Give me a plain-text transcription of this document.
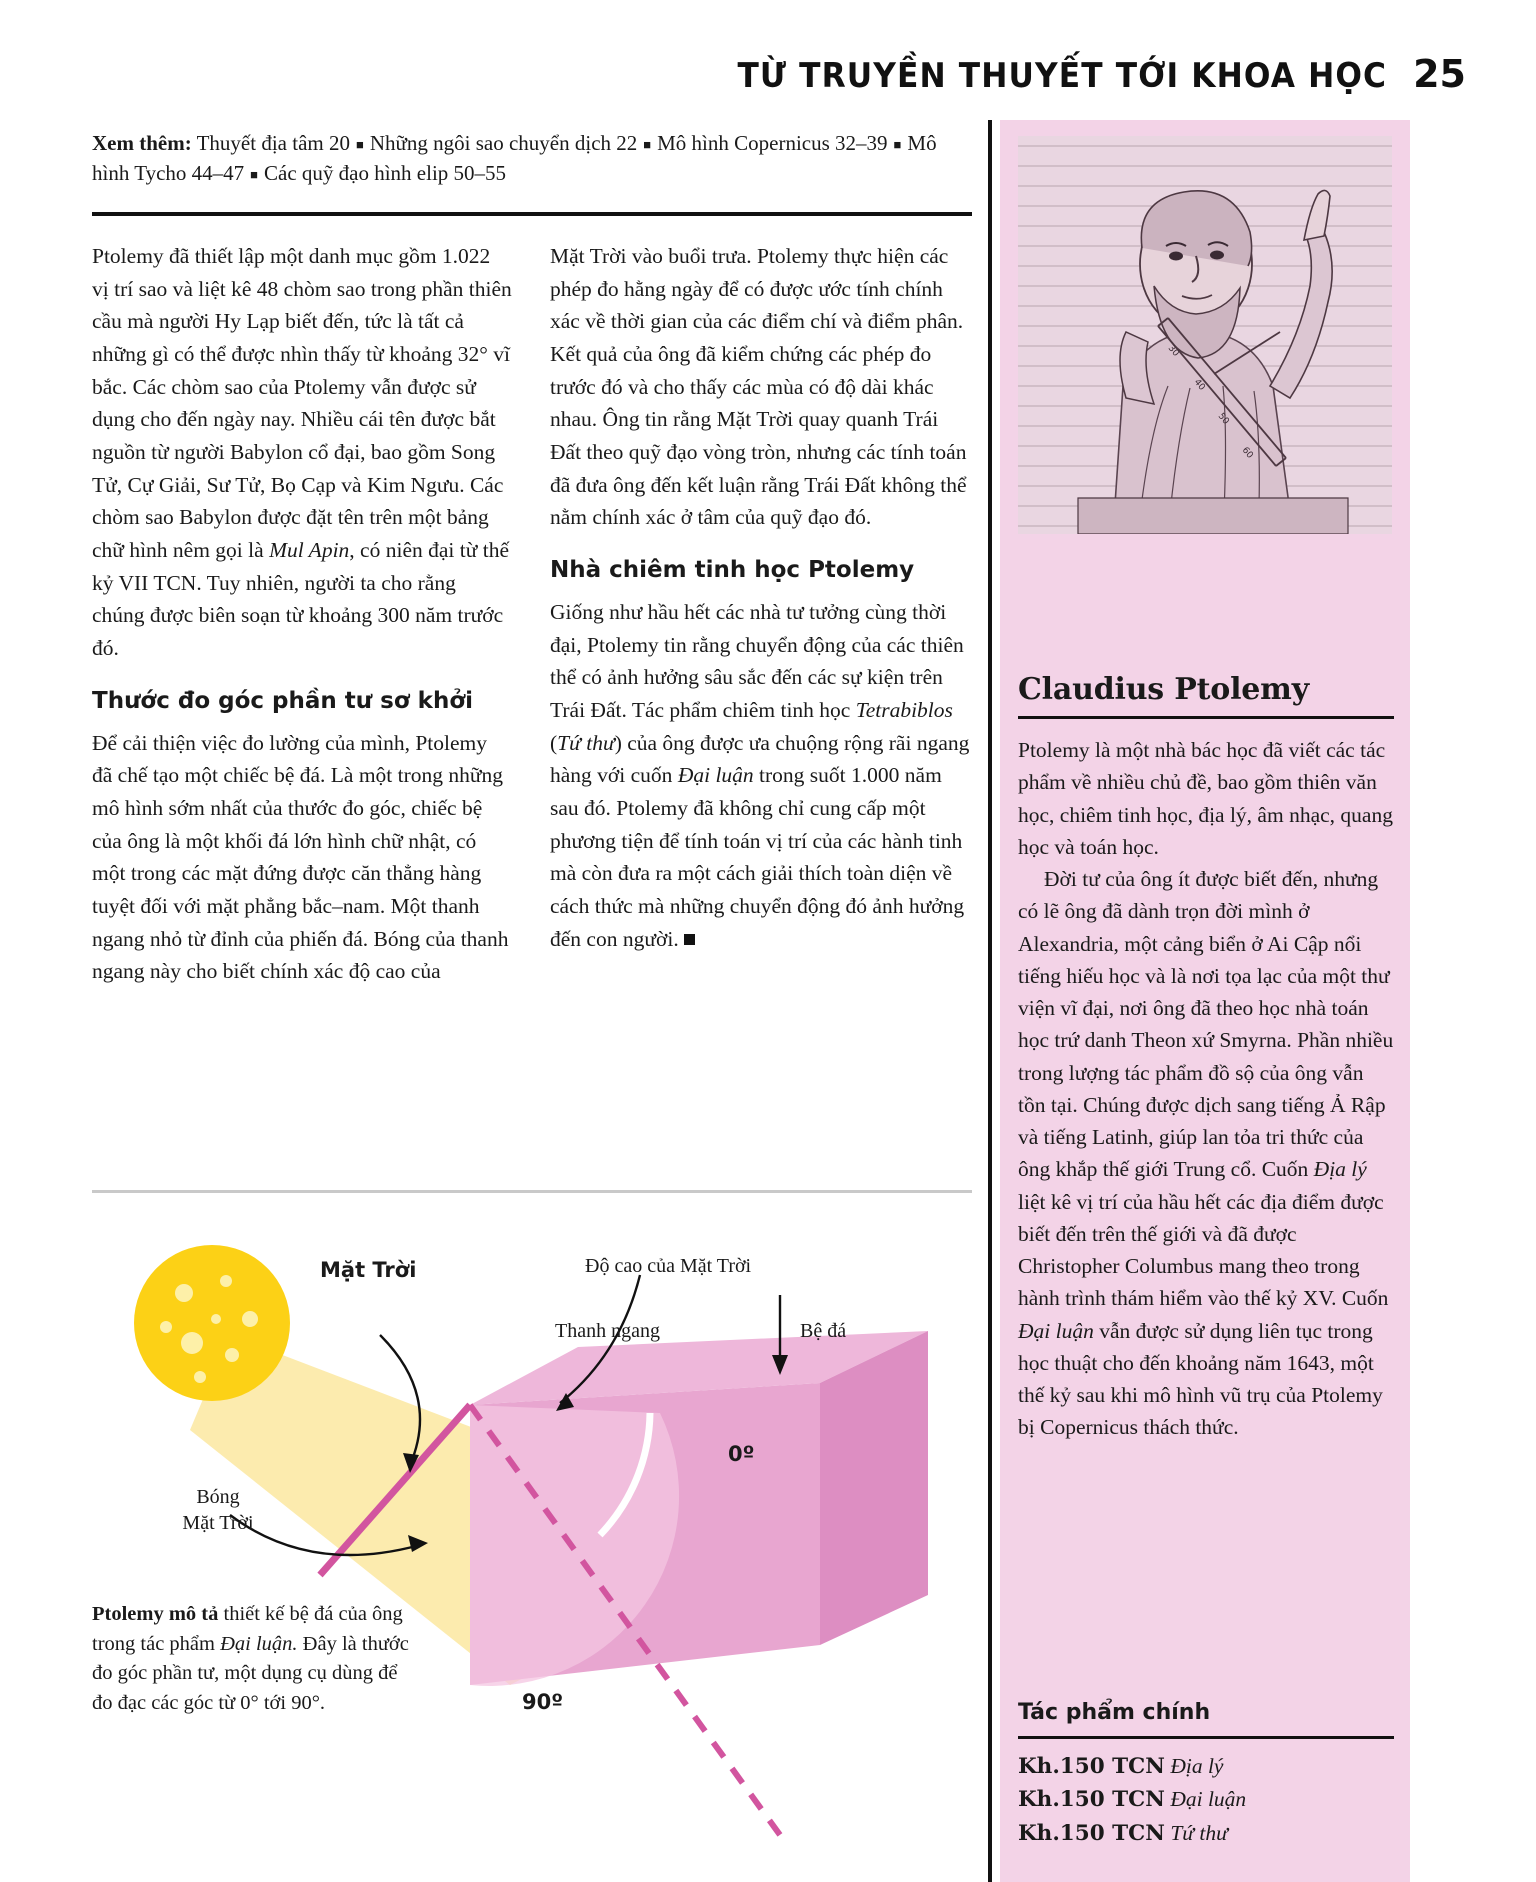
TỪ TRUYỀN THUYẾT TỚI KHOA HỌC 25
Xem thêm: Thuyết địa tâm 20 ■ Những ngôi sao chuyển dịch 22 ■ Mô hình Copernicus 32–39 ■ Mô hình Tycho 44–47 ■ Các quỹ đạo hình elip 50–55

Ptolemy đã thiết lập một danh mục gồm 1.022 vị trí sao và liệt kê 48 chòm sao trong phần thiên cầu mà người Hy Lạp biết đến, tức là tất cả những gì có thể được nhìn thấy từ khoảng 32° vĩ bắc. Các chòm sao của Ptolemy vẫn được sử dụng cho đến ngày nay. Nhiều cái tên được bắt nguồn từ người Babylon cổ đại, bao gồm Song Tử, Cự Giải, Sư Tử, Bọ Cạp và Kim Ngưu. Các chòm sao Babylon được đặt tên trên một bảng chữ hình nêm gọi là Mul Apin, có niên đại từ thế kỷ VII TCN. Tuy nhiên, người ta cho rằng chúng được biên soạn từ khoảng 300 năm trước đó.

Thước đo góc phần tư sơ khởi

Để cải thiện việc đo lường của mình, Ptolemy đã chế tạo một chiếc bệ đá. Là một trong những mô hình sớm nhất của thước đo góc, chiếc bệ của ông là một khối đá lớn hình chữ nhật, có một trong các mặt đứng được căn thẳng hàng tuyệt đối với mặt phẳng bắc–nam. Một thanh ngang nhỏ từ đỉnh của phiến đá. Bóng của thanh ngang này cho biết chính xác độ cao của

Mặt Trời vào buổi trưa. Ptolemy thực hiện các phép đo hằng ngày để có được ước tính chính xác về thời gian của các điểm chí và điểm phân. Kết quả của ông đã kiểm chứng các phép đo trước đó và cho thấy các mùa có độ dài khác nhau. Ông tin rằng Mặt Trời quay quanh Trái Đất theo quỹ đạo vòng tròn, nhưng các tính toán đã đưa ông đến kết luận rằng Trái Đất không thể nằm chính xác ở tâm của quỹ đạo đó.

Nhà chiêm tinh học Ptolemy

Giống như hầu hết các nhà tư tưởng cùng thời đại, Ptolemy tin rằng chuyển động của các thiên thể có ảnh hưởng sâu sắc đến các sự kiện trên Trái Đất. Tác phẩm chiêm tinh học Tetrabiblos (Tứ thư) của ông được ưa chuộng rộng rãi ngang hàng với cuốn Đại luận trong suốt 1.000 năm sau đó. Ptolemy đã không chỉ cung cấp một phương tiện để tính toán vị trí của các hành tinh mà còn đưa ra một cách giải thích toàn diện về cách thức mà những chuyển động đó ảnh hưởng đến con người.

30
40
50
60
Claudius Ptolemy

Ptolemy là một nhà bác học đã viết các tác phẩm về nhiều chủ đề, bao gồm thiên văn học, chiêm tinh học, địa lý, âm nhạc, quang học và toán học.

Đời tư của ông ít được biết đến, nhưng có lẽ ông đã dành trọn đời mình ở Alexandria, một cảng biển ở Ai Cập nổi tiếng hiếu học và là nơi tọa lạc của một thư viện vĩ đại, nơi ông đã theo học nhà toán học trứ danh Theon xứ Smyrna. Phần nhiều trong lượng tác phẩm đồ sộ của ông vẫn tồn tại. Chúng được dịch sang tiếng Ả Rập và tiếng Latinh, giúp lan tỏa tri thức của ông khắp thế giới Trung cổ. Cuốn Địa lý liệt kê vị trí của hầu hết các địa điểm được biết đến trên thế giới và đã được Christopher Columbus mang theo trong hành trình thám hiểm vào thế kỷ XV. Cuốn Đại luận vẫn được sử dụng liên tục trong học thuật cho đến khoảng năm 1643, một thế kỷ sau khi mô hình vũ trụ của Ptolemy bị Copernicus thách thức.

Tác phẩm chính
Kh.150 TCN Địa lý
Kh.150 TCN Đại luận
Kh.150 TCN Tứ thư
Mặt Trời	Độ cao của Mặt Trời
Thanh ngang	Bệ đá
Bóng
Mặt Trời
0º
90º
Ptolemy mô tả thiết kế bệ đá của ông trong tác phẩm Đại luận. Đây là thước đo góc phần tư, một dụng cụ dùng để đo đạc các góc từ 0° tới 90°.
